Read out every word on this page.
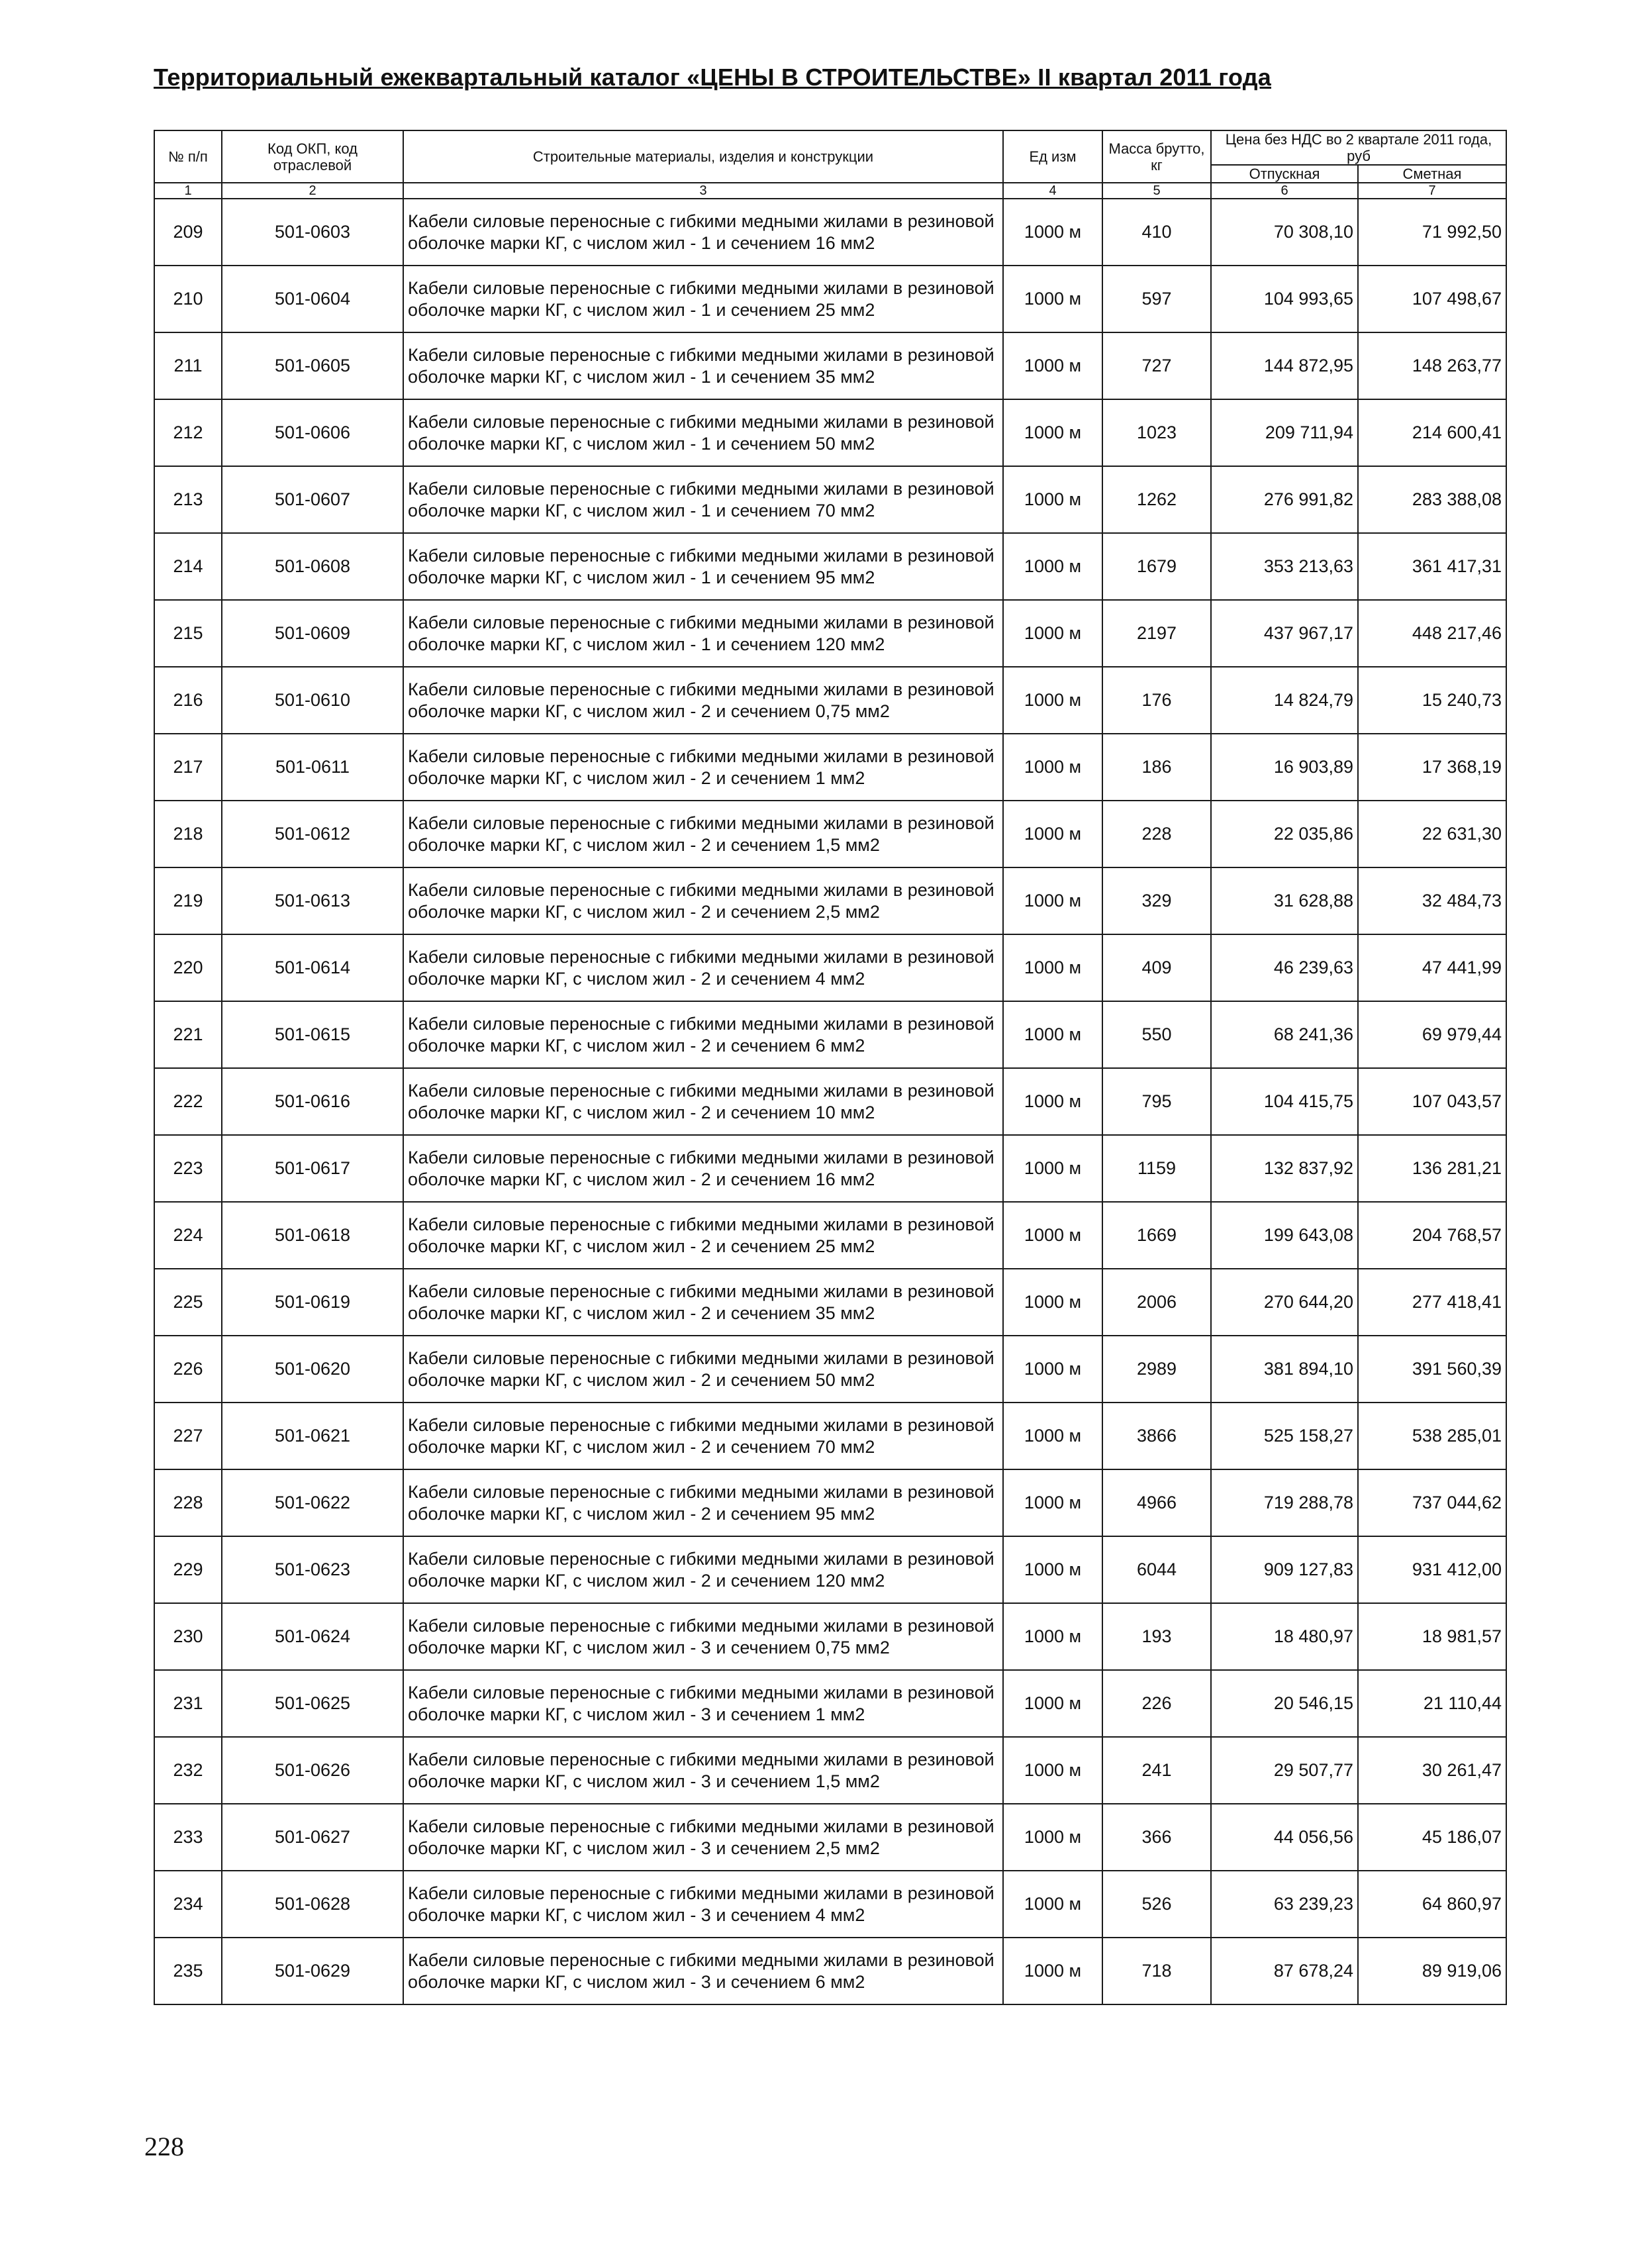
Территориальный ежеквартальный каталог «ЦЕНЫ В СТРОИТЕЛЬСТВЕ» II квартал 2011 года
№ п/п	Код ОКП, код отраслевой	Строительные материалы, изделия и конструкции	Ед изм	Масса брутто, кг	Цена без НДС во 2 квартале 2011 года, руб	
					Отпускная	Сметная
1	2	3	4	5	6	7
209	501-0603	Кабели силовые переносные с гибкими медными жилами в резиновой оболочке марки КГ, с числом жил - 1 и сечением 16 мм2	1000 м	410	70 308,10	71 992,50
210	501-0604	Кабели силовые переносные с гибкими медными жилами в резиновой оболочке марки КГ, с числом жил - 1 и сечением 25 мм2	1000 м	597	104 993,65	107 498,67
211	501-0605	Кабели силовые переносные с гибкими медными жилами в резиновой оболочке марки КГ, с числом жил - 1 и сечением 35 мм2	1000 м	727	144 872,95	148 263,77
212	501-0606	Кабели силовые переносные с гибкими медными жилами в резиновой оболочке марки КГ, с числом жил - 1 и сечением 50 мм2	1000 м	1023	209 711,94	214 600,41
213	501-0607	Кабели силовые переносные с гибкими медными жилами в резиновой оболочке марки КГ, с числом жил - 1 и сечением 70 мм2	1000 м	1262	276 991,82	283 388,08
214	501-0608	Кабели силовые переносные с гибкими медными жилами в резиновой оболочке марки КГ, с числом жил - 1 и сечением 95 мм2	1000 м	1679	353 213,63	361 417,31
215	501-0609	Кабели силовые переносные с гибкими медными жилами в резиновой оболочке марки КГ, с числом жил - 1 и сечением 120 мм2	1000 м	2197	437 967,17	448 217,46
216	501-0610	Кабели силовые переносные с гибкими медными жилами в резиновой оболочке марки КГ, с числом жил - 2 и сечением 0,75 мм2	1000 м	176	14 824,79	15 240,73
217	501-0611	Кабели силовые переносные с гибкими медными жилами в резиновой оболочке марки КГ, с числом жил - 2 и сечением 1 мм2	1000 м	186	16 903,89	17 368,19
218	501-0612	Кабели силовые переносные с гибкими медными жилами в резиновой оболочке марки КГ, с числом жил - 2 и сечением 1,5 мм2	1000 м	228	22 035,86	22 631,30
219	501-0613	Кабели силовые переносные с гибкими медными жилами в резиновой оболочке марки КГ, с числом жил - 2 и сечением 2,5 мм2	1000 м	329	31 628,88	32 484,73
220	501-0614	Кабели силовые переносные с гибкими медными жилами в резиновой оболочке марки КГ, с числом жил - 2 и сечением 4 мм2	1000 м	409	46 239,63	47 441,99
221	501-0615	Кабели силовые переносные с гибкими медными жилами в резиновой оболочке марки КГ, с числом жил - 2 и сечением 6 мм2	1000 м	550	68 241,36	69 979,44
222	501-0616	Кабели силовые переносные с гибкими медными жилами в резиновой оболочке марки КГ, с числом жил - 2 и сечением 10 мм2	1000 м	795	104 415,75	107 043,57
223	501-0617	Кабели силовые переносные с гибкими медными жилами в резиновой оболочке марки КГ, с числом жил - 2 и сечением 16 мм2	1000 м	1159	132 837,92	136 281,21
224	501-0618	Кабели силовые переносные с гибкими медными жилами в резиновой оболочке марки КГ, с числом жил - 2 и сечением 25 мм2	1000 м	1669	199 643,08	204 768,57
225	501-0619	Кабели силовые переносные с гибкими медными жилами в резиновой оболочке марки КГ, с числом жил - 2 и сечением 35 мм2	1000 м	2006	270 644,20	277 418,41
226	501-0620	Кабели силовые переносные с гибкими медными жилами в резиновой оболочке марки КГ, с числом жил - 2 и сечением 50 мм2	1000 м	2989	381 894,10	391 560,39
227	501-0621	Кабели силовые переносные с гибкими медными жилами в резиновой оболочке марки КГ, с числом жил - 2 и сечением 70 мм2	1000 м	3866	525 158,27	538 285,01
228	501-0622	Кабели силовые переносные с гибкими медными жилами в резиновой оболочке марки КГ, с числом жил - 2 и сечением 95 мм2	1000 м	4966	719 288,78	737 044,62
229	501-0623	Кабели силовые переносные с гибкими медными жилами в резиновой оболочке марки КГ, с числом жил - 2 и сечением 120 мм2	1000 м	6044	909 127,83	931 412,00
230	501-0624	Кабели силовые переносные с гибкими медными жилами в резиновой оболочке марки КГ, с числом жил - 3 и сечением 0,75 мм2	1000 м	193	18 480,97	18 981,57
231	501-0625	Кабели силовые переносные с гибкими медными жилами в резиновой оболочке марки КГ, с числом жил - 3 и сечением 1 мм2	1000 м	226	20 546,15	21 110,44
232	501-0626	Кабели силовые переносные с гибкими медными жилами в резиновой оболочке марки КГ, с числом жил - 3 и сечением 1,5 мм2	1000 м	241	29 507,77	30 261,47
233	501-0627	Кабели силовые переносные с гибкими медными жилами в резиновой оболочке марки КГ, с числом жил - 3 и сечением 2,5 мм2	1000 м	366	44 056,56	45 186,07
234	501-0628	Кабели силовые переносные с гибкими медными жилами в резиновой оболочке марки КГ, с числом жил - 3 и сечением 4 мм2	1000 м	526	63 239,23	64 860,97
235	501-0629	Кабели силовые переносные с гибкими медными жилами в резиновой оболочке марки КГ, с числом жил - 3 и сечением 6 мм2	1000 м	718	87 678,24	89 919,06
228
